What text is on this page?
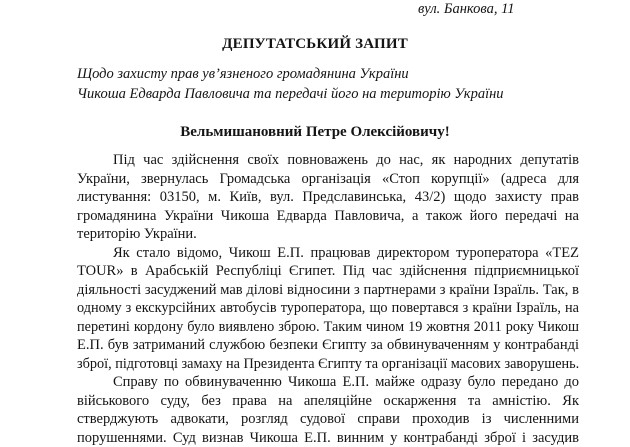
вул. Банкова, 11
ДЕПУТАТСЬКИЙ ЗАПИТ
Щодо захисту прав ув’язненого громадянина України
Чикоша Едварда Павловича та передачі його на територію України
Вельмишановний Петре Олексійовичу!
Під час здійснення своїх повноважень до нас, як народних депутатів
України, звернулась Громадська організація «Стоп корупції» (адреса для
листування: 03150, м. Київ, вул. Предславинська, 43/2) щодо захисту прав
громадянина України Чикоша Едварда Павловича, а також його передачі на
територію України.
Як стало відомо, Чикош Е.П. працював директором туроператора «TEZ
TOUR» в Арабській Республіці Єгипет. Під час здійснення підприємницької
діяльності засуджений мав ділові відносини з партнерами з країни Ізраїль. Так, в
одному з екскурсійних автобусів туроператора, що повертався з країни Ізраїль, на
перетині кордону було виявлено зброю. Таким чином 19 жовтня 2011 року Чикош
Е.П. був затриманий службою безпеки Єгипту за обвинуваченням у контрабанді
зброї, підготовці замаху на Президента Єгипту та організації масових заворушень.
Справу по обвинуваченню Чикоша Е.П. майже одразу було передано до
військового суду, без права на апеляційне оскарження та амністію. Як
стверджують адвокати, розгляд судової справи проходив із численними
порушеннями. Суд визнав Чикоша Е.П. винним у контрабанді зброї і засудив
